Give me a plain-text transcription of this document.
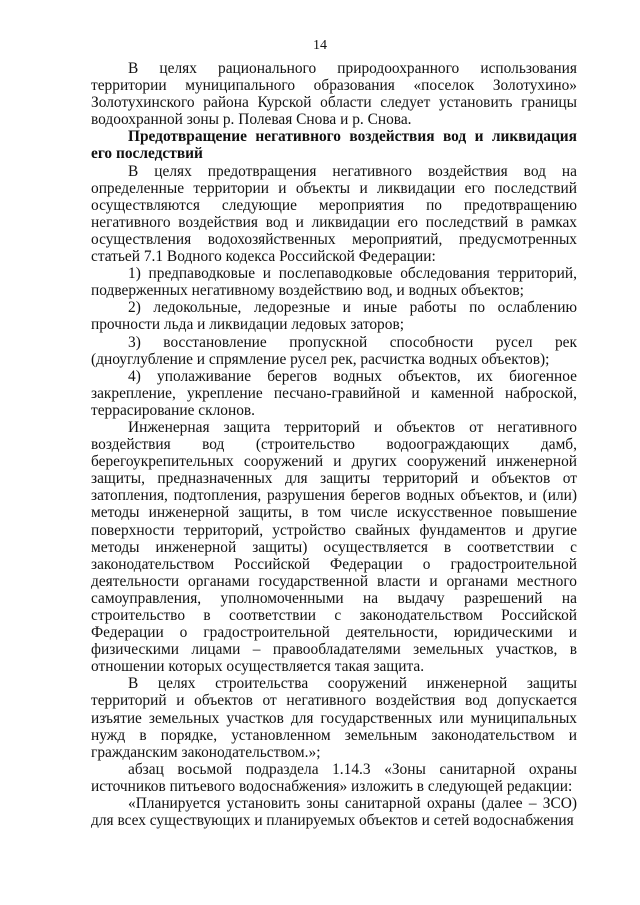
14

В целях рационального природоохранного использования территории муниципального образования «поселок Золотухино» Золотухинского района Курской области следует установить границы водоохранной зоны р. Полевая Снова и р. Снова.

Предотвращение негативного воздействия вод и ликвидация его последствий

В целях предотвращения негативного воздействия вод на определенные территории и объекты и ликвидации его последствий осуществляются следующие мероприятия по предотвращению негативного воздействия вод и ликвидации его последствий в рамках осуществления водохозяйственных мероприятий, предусмотренных статьей 7.1 Водного кодекса Российской Федерации:

1) предпаводковые и послепаводковые обследования территорий, подверженных негативному воздействию вод, и водных объектов;

2) ледокольные, ледорезные и иные работы по ослаблению прочности льда и ликвидации ледовых заторов;

3) восстановление пропускной способности русел рек (дноуглубление и спрямление русел рек, расчистка водных объектов);

4) уполаживание берегов водных объектов, их биогенное закрепление, укрепление песчано-гравийной и каменной наброской, террасирование склонов.

Инженерная защита территорий и объектов от негативного воздействия вод (строительство водоограждающих дамб, берегоукрепительных сооружений и других сооружений инженерной защиты, предназначенных для защиты территорий и объектов от затопления, подтопления, разрушения берегов водных объектов, и (или) методы инженерной защиты, в том числе искусственное повышение поверхности территорий, устройство свайных фундаментов и другие методы инженерной защиты) осуществляется в соответствии с законодательством Российской Федерации о градостроительной деятельности органами государственной власти и органами местного самоуправления, уполномоченными на выдачу разрешений на строительство в соответствии с законодательством Российской Федерации о градостроительной деятельности, юридическими и физическими лицами – правообладателями земельных участков, в отношении которых осуществляется такая защита.

В целях строительства сооружений инженерной защиты территорий и объектов от негативного воздействия вод допускается изъятие земельных участков для государственных или муниципальных нужд в порядке, установленном земельным законодательством и гражданским законодательством.»;

абзац восьмой подраздела 1.14.3 «Зоны санитарной охраны источников питьевого водоснабжения» изложить в следующей редакции:

«Планируется установить зоны санитарной охраны (далее – ЗСО) для всех существующих и планируемых объектов и сетей водоснабжения
